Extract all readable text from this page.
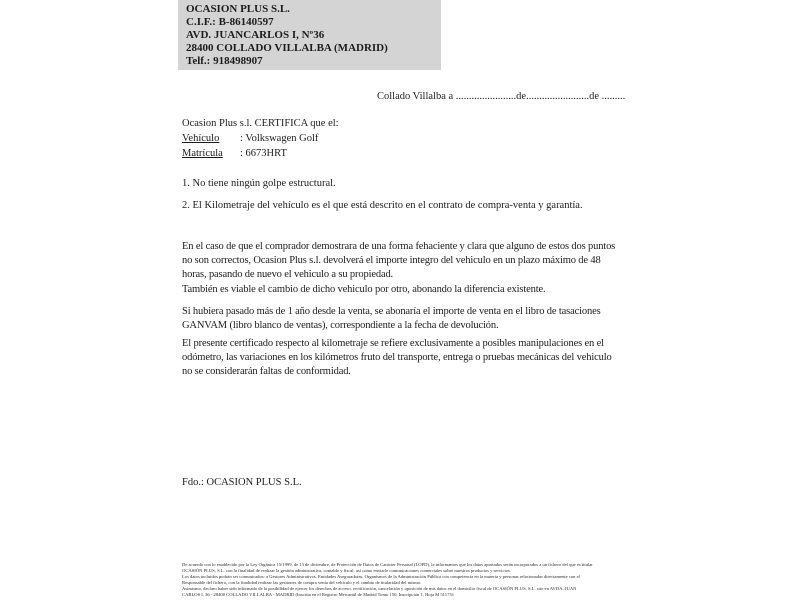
OCASION PLUS S.L.
C.I.F.: B-86140597
AVD. JUANCARLOS I, Nº36
28400 COLLADO VILLALBA (MADRID)
Telf.: 918498907
Collado Villalba a .......................de........................de .........
Ocasion Plus s.l. CERTIFICA que el:
Vehículo : Volkswagen Golf
Matrícula : 6673HRT
1. No tiene ningún golpe estructural.
2. El Kilometraje del vehículo es el que está descrito en el contrato de compra-venta y garantía.
En el caso de que el comprador demostrara de una forma fehaciente y clara que alguno de estos dos puntos no son correctos, Ocasion Plus s.l. devolverá el importe integro del vehiculo en un plazo máximo de 48 horas, pasando de nuevo el vehiculo a su propiedad.
También es viable el cambio de dicho vehiculo por otro, abonando la diferencia existente.
Si hubiera pasado más de 1 año desde la venta, se abonaría el importe de venta en el libro de tasaciones GANVAM (libro blanco de ventas), correspondiente a la fecha de devolución.
El presente certificado respecto al kilometraje se refiere exclusivamente a posibles manipulaciones en el odómetro, las variaciones en los kilómetros fruto del transporte, entrega o pruebas mecánicas del vehiculo no se considerarán faltas de conformidad.
Fdo.: OCASION PLUS S.L.
De acuerdo con lo establecido por la Ley Orgánica 15/1999, de 13 de diciembre, de Protección de Datos de Carácter Personal (LOPD), le informamos que los datos aportados serán incorporados a un fichero del que es titular
OCASIÓN PLUS, S.L. con la finalidad de realizar la gestión administrativa, contable y fiscal, así como enviarle comunicaciones comerciales sobre nuestros productos y servicios.
Los datos incluidos podrán ser comunicados: a Gestores Administrativos, Entidades Aseguradoras, Organismos de la Administración Pública con competencia en la materia y personas relacionadas directamente con el
Responsable del fichero, con la finalidad realizar las gestiones de compra venta del vehículo y el cambio de titularidad del mismo.
Asimismo, declaro haber sido informado de la posibilidad de ejercer los derechos de acceso, rectificación, cancelación y oposición de mis datos en el domicilio fiscal de OCASIÓN PLUS, S.L. sito en AVDA. JUAN
CARLOS I, 36 - 28400 COLLADO VILLALBA - MADRID (Inscrita en el Registro Mercantil de Madrid Tomo 150, Inscripción 1, Hoja M 511731
